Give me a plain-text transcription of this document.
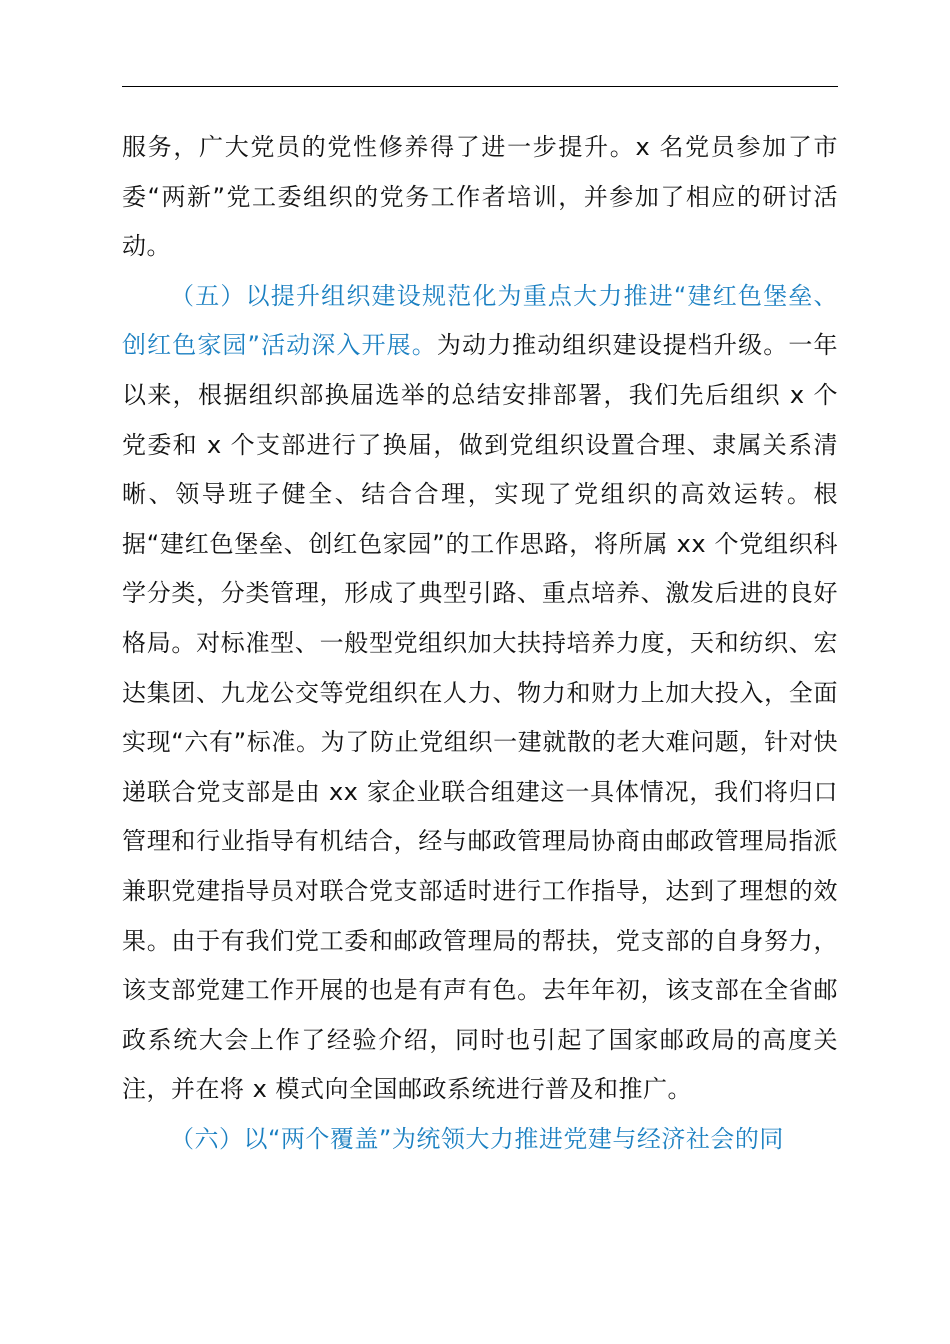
服务，广大党员的党性修养得了进一步提升。x 名党员参加了市委“两新”党工委组织的党务工作者培训，并参加了相应的研讨活动。

（五）以提升组织建设规范化为重点大力推进“建红色堡垒、创红色家园”活动深入开展。为动力推动组织建设提档升级。一年以来，根据组织部换届选举的总结安排部署，我们先后组织 x 个党委和 x 个支部进行了换届，做到党组织设置合理、隶属关系清晰、领导班子健全、结合合理，实现了党组织的高效运转。根据“建红色堡垒、创红色家园”的工作思路，将所属 xx 个党组织科学分类，分类管理，形成了典型引路、重点培养、激发后进的良好格局。对标准型、一般型党组织加大扶持培养力度，天和纺织、宏达集团、九龙公交等党组织在人力、物力和财力上加大投入，全面实现“六有”标准。为了防止党组织一建就散的老大难问题，针对快递联合党支部是由 xx 家企业联合组建这一具体情况，我们将归口管理和行业指导有机结合，经与邮政管理局协商由邮政管理局指派兼职党建指导员对联合党支部适时进行工作指导，达到了理想的效果。由于有我们党工委和邮政管理局的帮扶，党支部的自身努力，该支部党建工作开展的也是有声有色。去年年初，该支部在全省邮政系统大会上作了经验介绍，同时也引起了国家邮政局的高度关注，并在将 x 模式向全国邮政系统进行普及和推广。

（六）以“两个覆盖”为统领大力推进党建与经济社会的同
